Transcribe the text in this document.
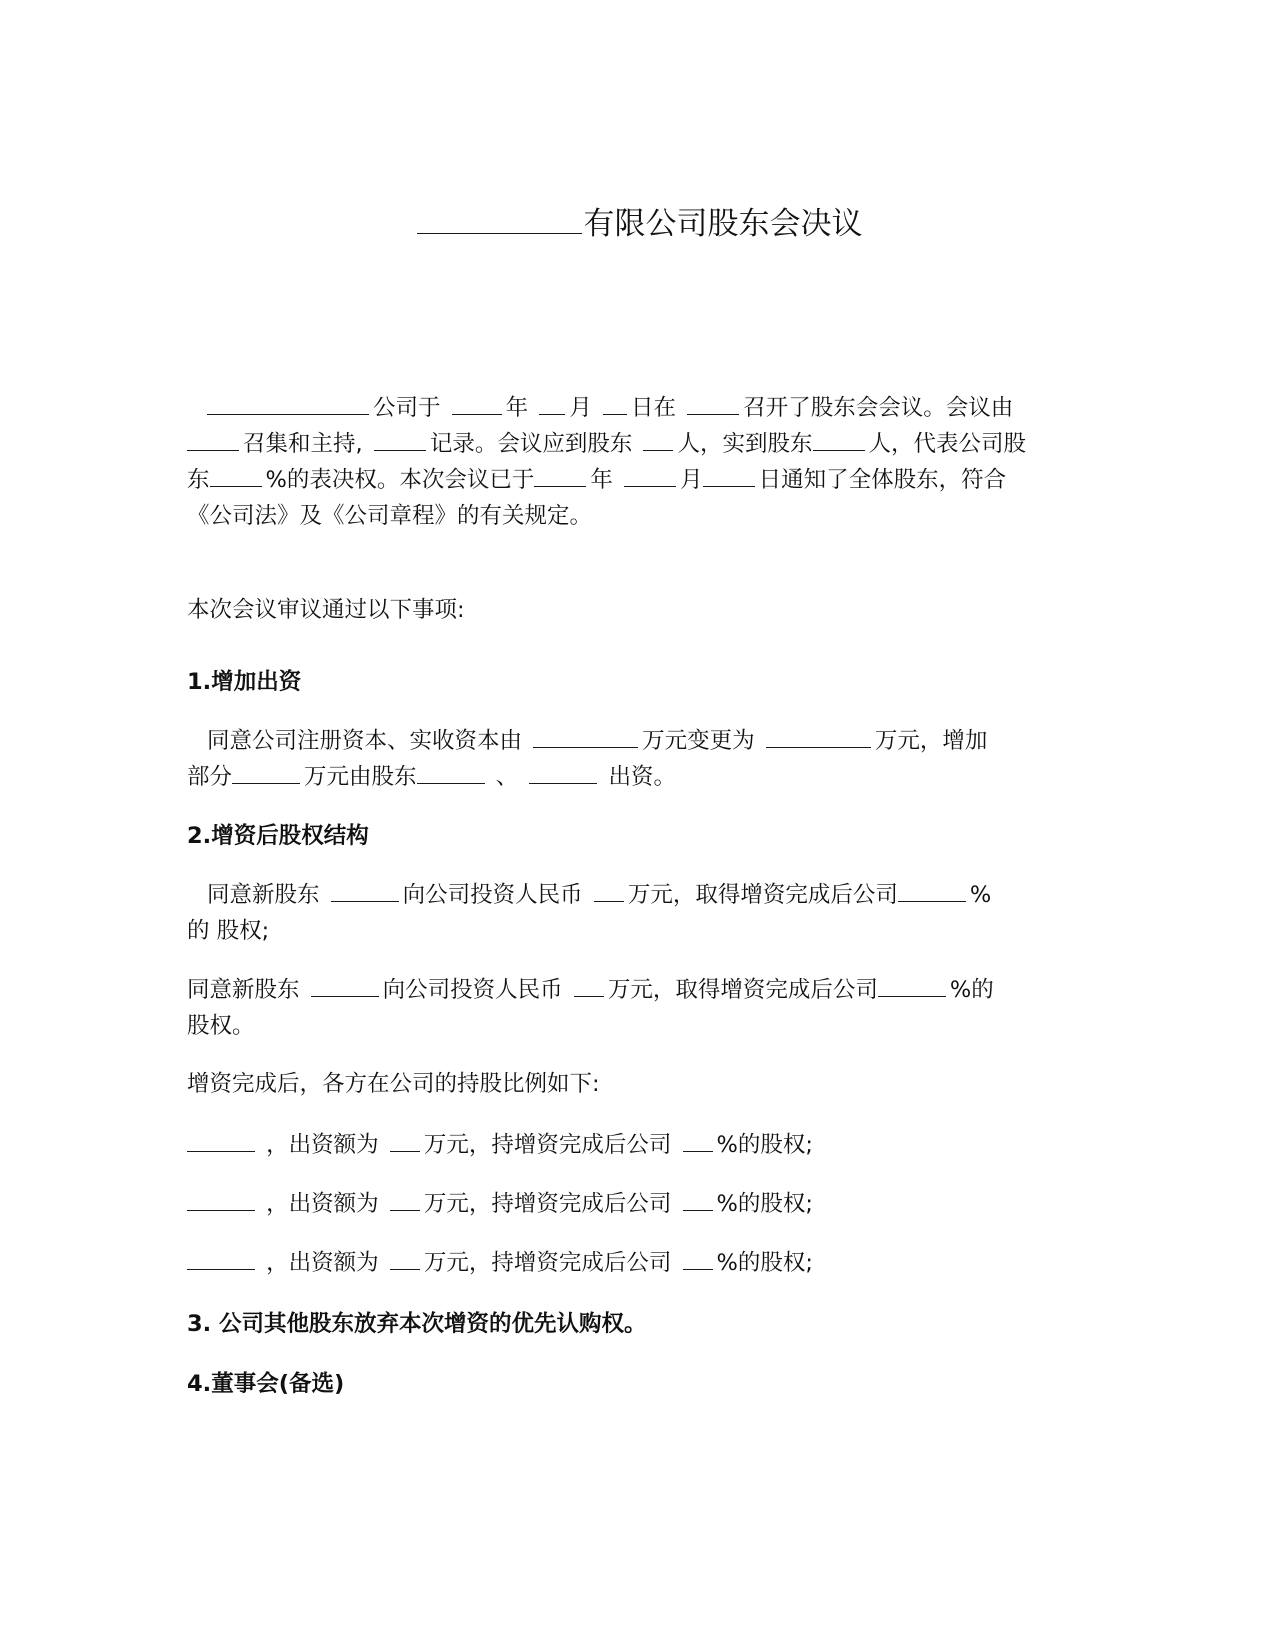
有限公司股东会决议
公司于	年 月 日在	召开了股东会会议。会议由
召集和主持,	记录。会议应到股东 人，实到股东 人，代表公司股
东 %的表决权。本次会议已于 年	月 日通知了全体股东，符合
《公司法》及《公司章程》的有关规定。
本次会议审议通过以下事项:
1.增加出资
同意公司注册资本、实收资本由	万元变更为	万元，增加
部分	万元由股东	、	出资。
2.增资后股权结构
同意新股东	向公司投资人民币 万元，取得增资完成后公司	%
的 股权;
同意新股东	向公司投资人民币 万元，取得增资完成后公司	%的
股权。
增资完成后，各方在公司的持股比例如下:
，出资额为 万元，持增资完成后公司 %的股权;
，出资额为 万元，持增资完成后公司 %的股权;
，出资额为 万元，持增资完成后公司 %的股权;
3. 公司其他股东放弃本次增资的优先认购权。
4.董事会(备选)
